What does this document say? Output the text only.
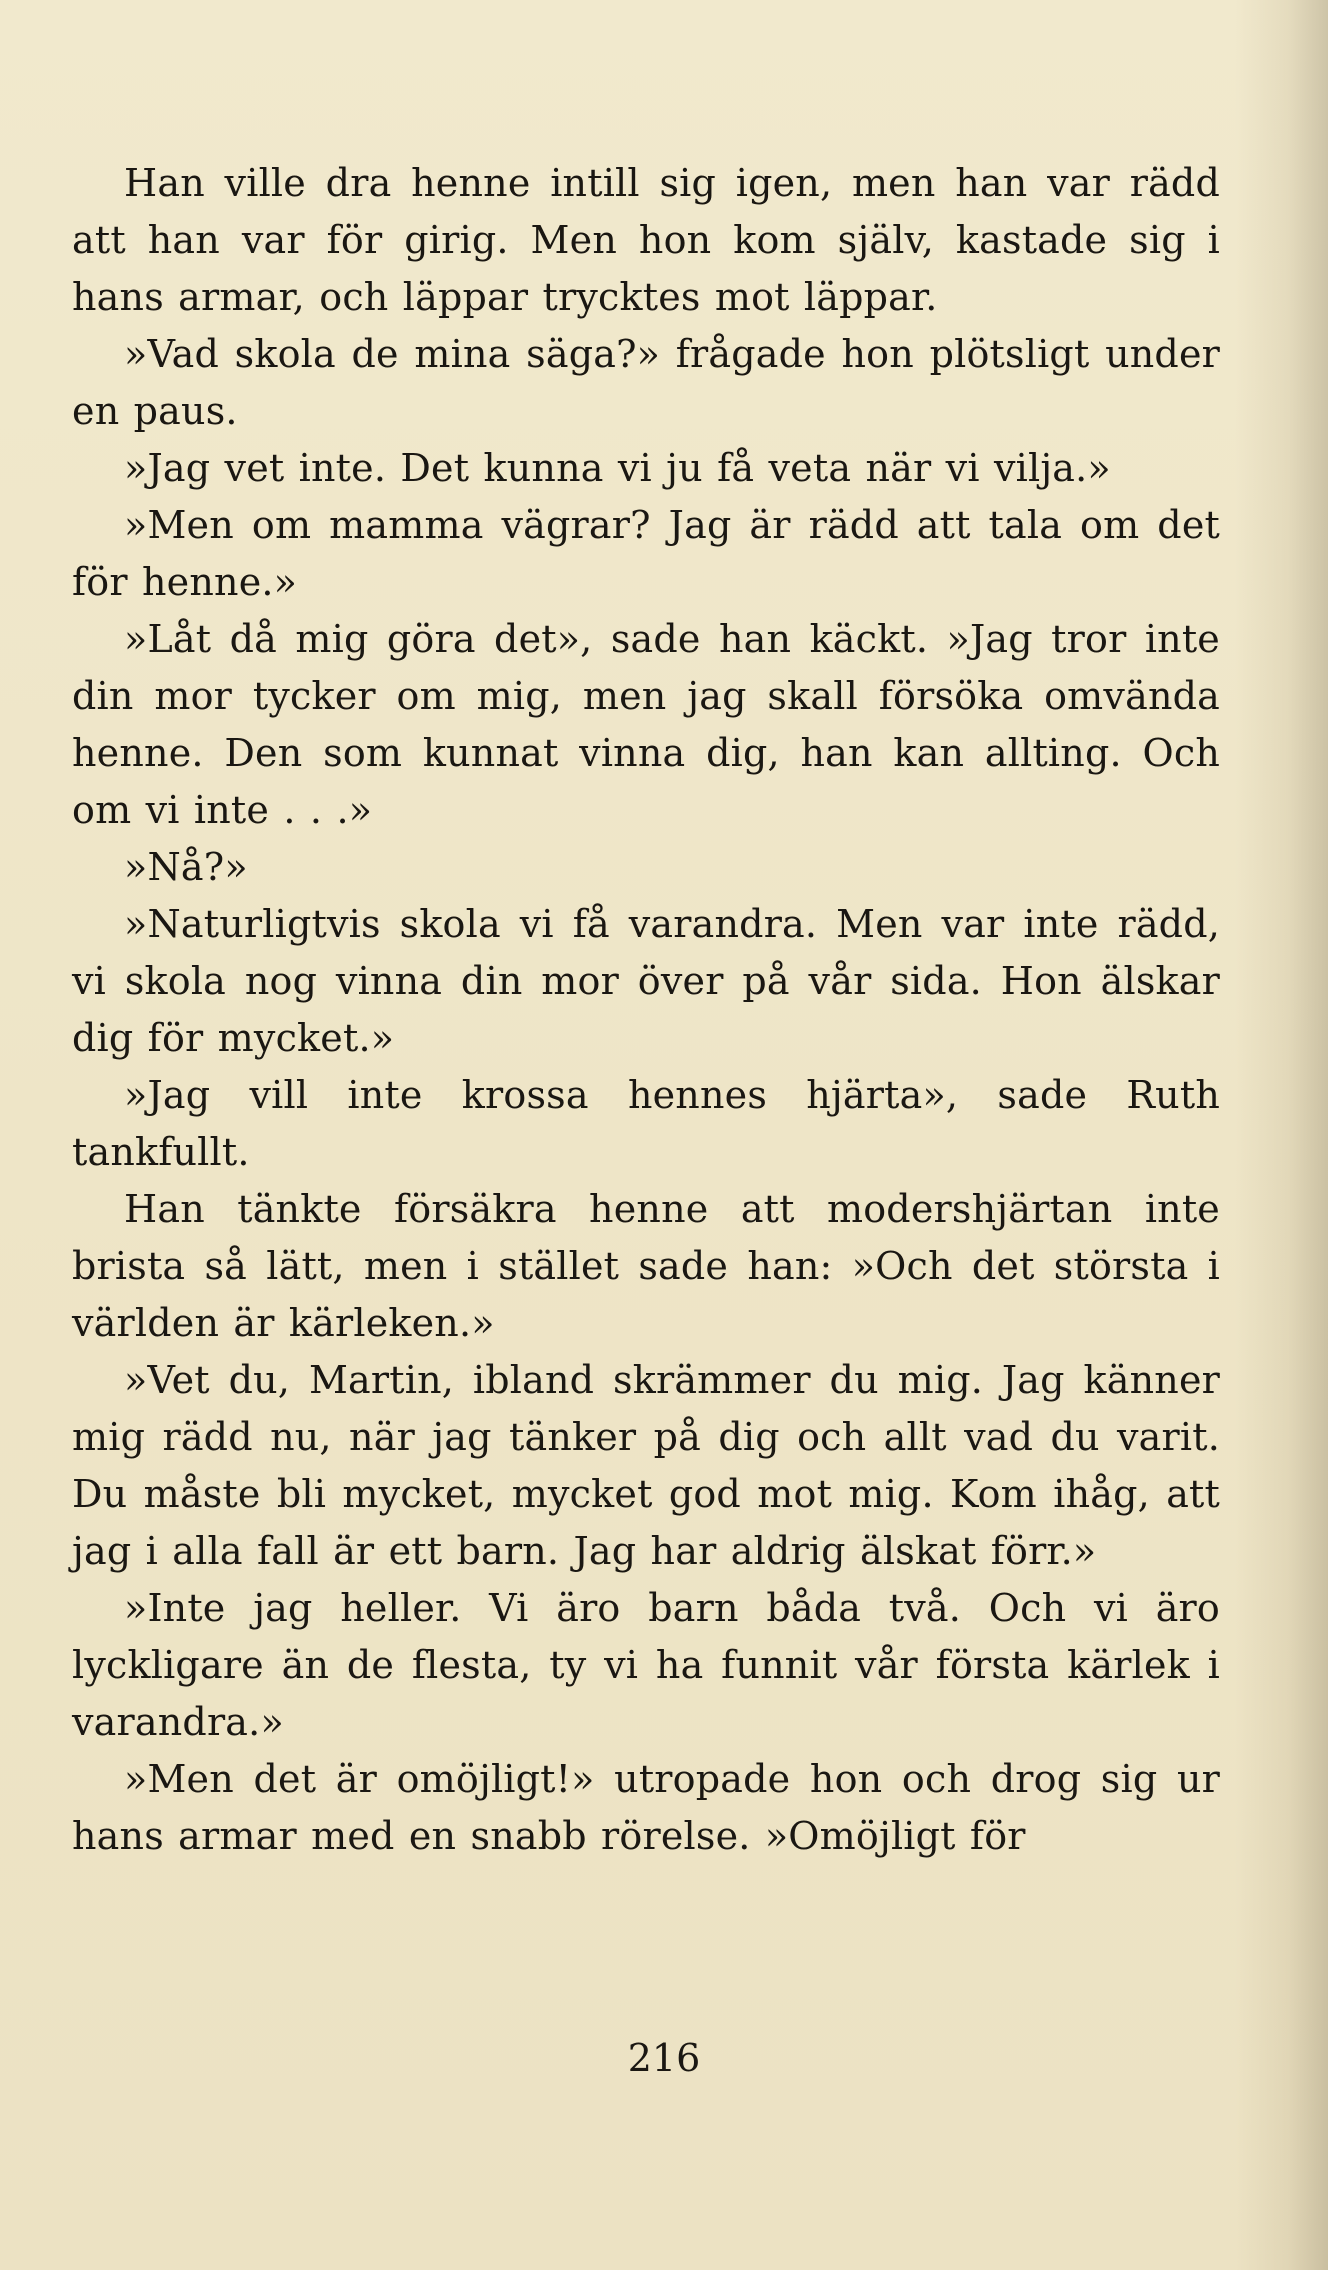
Han ville dra henne intill sig igen, men han var rädd att han var för girig. Men hon kom själv, kastade sig i hans armar, och läppar trycktes mot läppar.

»Vad skola de mina säga?» frågade hon plötsligt under en paus.

»Jag vet inte. Det kunna vi ju få veta när vi vilja.»

»Men om mamma vägrar? Jag är rädd att tala om det för henne.»

»Låt då mig göra det», sade han käckt. »Jag tror inte din mor tycker om mig, men jag skall försöka omvända henne. Den som kunnat vinna dig, han kan allting. Och om vi inte . . .»

»Nå?»

»Naturligtvis skola vi få varandra. Men var inte rädd, vi skola nog vinna din mor över på vår sida. Hon älskar dig för mycket.»

»Jag vill inte krossa hennes hjärta», sade Ruth tankfullt.

Han tänkte försäkra henne att modershjärtan inte brista så lätt, men i stället sade han: »Och det största i världen är kärleken.»

»Vet du, Martin, ibland skrämmer du mig. Jag känner mig rädd nu, när jag tänker på dig och allt vad du varit. Du måste bli mycket, mycket god mot mig. Kom ihåg, att jag i alla fall är ett barn. Jag har aldrig älskat förr.»

»Inte jag heller. Vi äro barn båda två. Och vi äro lyckligare än de flesta, ty vi ha funnit vår första kärlek i varandra.»

»Men det är omöjligt!» utropade hon och drog sig ur hans armar med en snabb rörelse. »Omöjligt för

216
